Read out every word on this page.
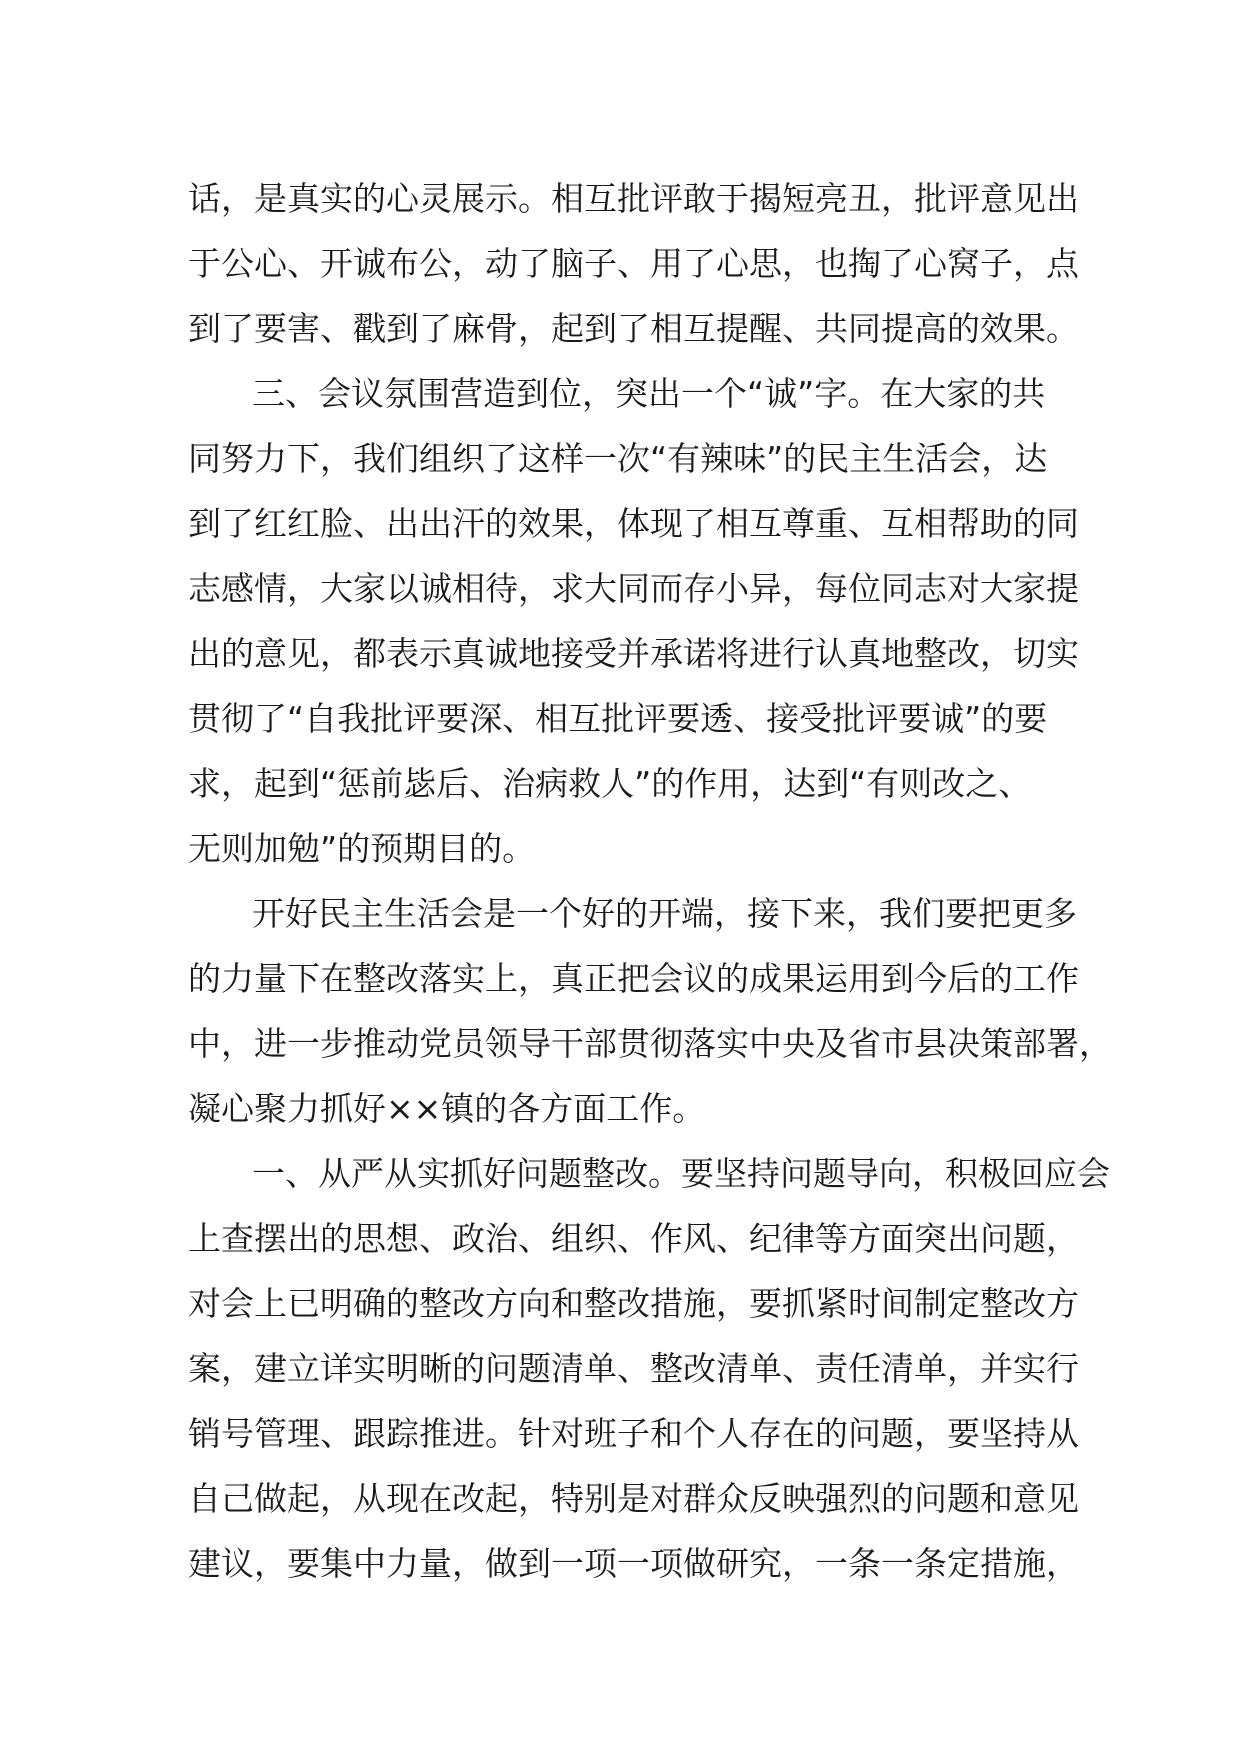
话，是真实的心灵展示。相互批评敢于揭短亮丑，批评意见出
于公心、开诚布公，动了脑子、用了心思，也掏了心窝子，点
到了要害、戳到了麻骨，起到了相互提醒、共同提高的效果。
三、会议氛围营造到位，突出一个“诚”字。在大家的共
同努力下，我们组织了这样一次“有辣味”的民主生活会，达
到了红红脸、出出汗的效果，体现了相互尊重、互相帮助的同
志感情，大家以诚相待，求大同而存小异，每位同志对大家提
出的意见，都表示真诚地接受并承诺将进行认真地整改，切实
贯彻了“自我批评要深、相互批评要透、接受批评要诚”的要
求，起到“惩前毖后、治病救人”的作用，达到“有则改之、
无则加勉”的预期目的。
开好民主生活会是一个好的开端，接下来，我们要把更多
的力量下在整改落实上，真正把会议的成果运用到今后的工作
中，进一步推动党员领导干部贯彻落实中央及省市县决策部署，
凝心聚力抓好××镇的各方面工作。
一、从严从实抓好问题整改。要坚持问题导向，积极回应会
上查摆出的思想、政治、组织、作风、纪律等方面突出问题，
对会上已明确的整改方向和整改措施，要抓紧时间制定整改方
案，建立详实明晰的问题清单、整改清单、责任清单，并实行
销号管理、跟踪推进。针对班子和个人存在的问题，要坚持从
自己做起，从现在改起，特别是对群众反映强烈的问题和意见
建议，要集中力量，做到一项一项做研究，一条一条定措施，
